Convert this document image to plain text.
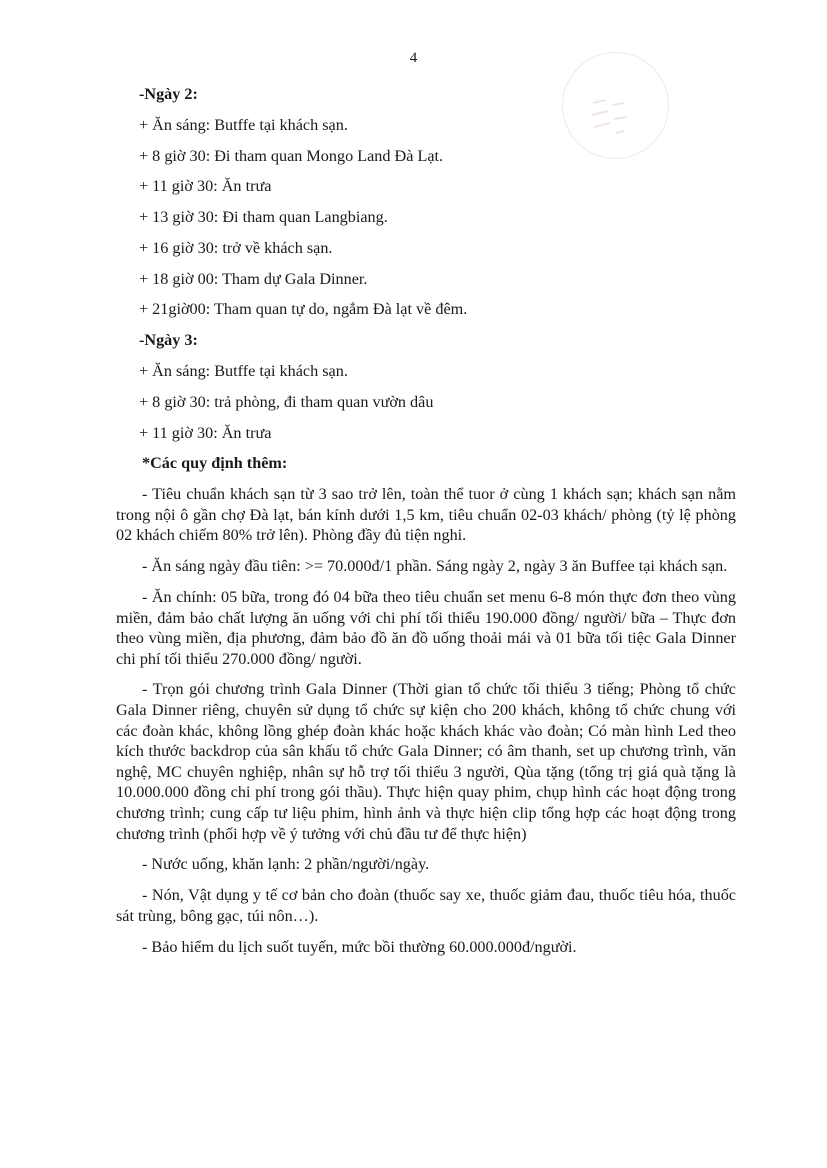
4
-Ngày 2:
+ Ăn sáng: Butffe tại khách sạn.
+ 8 giờ 30: Đi tham quan Mongo Land Đà Lạt.
+ 11 giờ 30: Ăn trưa
+ 13 giờ 30: Đi tham quan Langbiang.
+ 16 giờ 30: trở về khách sạn.
+ 18 giờ 00: Tham dự Gala Dinner.
+ 21giờ00: Tham quan tự do, ngắm Đà lạt về đêm.
-Ngày 3:
+ Ăn sáng: Butffe tại khách sạn.
+ 8 giờ 30: trả phòng, đi tham quan vườn dâu
+ 11 giờ 30: Ăn trưa
*Các quy định thêm:

- Tiêu chuẩn khách sạn từ 3 sao trở lên, toàn thể tuor ở cùng 1 khách sạn; khách sạn nằm trong nội ô gần chợ Đà lạt, bán kính dưới 1,5 km, tiêu chuẩn 02-03 khách/ phòng (tỷ lệ phòng 02 khách chiếm 80% trở lên). Phòng đầy đủ tiện nghi.

- Ăn sáng ngày đầu tiên: >= 70.000đ/1 phần. Sáng ngày 2, ngày 3 ăn Buffee tại khách sạn.

- Ăn chính: 05 bữa, trong đó 04 bữa theo tiêu chuẩn set menu 6-8 món thực đơn theo vùng miền, đảm bảo chất lượng ăn uống với chi phí tối thiểu 190.000 đồng/ người/ bữa – Thực đơn theo vùng miền, địa phương, đảm bảo đồ ăn đồ uống thoải mái và 01 bữa tối tiệc Gala Dinner chi phí tối thiểu 270.000 đồng/ người.

- Trọn gói chương trình Gala Dinner (Thời gian tổ chức tối thiểu 3 tiếng; Phòng tổ chức Gala Dinner riêng, chuyên sử dụng tổ chức sự kiện cho 200 khách, không tổ chức chung với các đoàn khác, không lồng ghép đoàn khác hoặc khách khác vào đoàn; Có màn hình Led theo kích thước backdrop của sân khấu tổ chức Gala Dinner; có âm thanh, set up chương trình, văn nghệ, MC chuyên nghiệp, nhân sự hỗ trợ tối thiểu 3 người, Qùa tặng (tổng trị giá quà tặng là 10.000.000 đồng chi phí trong gói thầu). Thực hiện quay phim, chụp hình các hoạt động trong chương trình; cung cấp tư liệu phim, hình ảnh và thực hiện clip tổng hợp các hoạt động trong chương trình (phối hợp về ý tưởng với chủ đầu tư để thực hiện)

- Nước uống, khăn lạnh: 2 phần/người/ngày.

- Nón, Vật dụng y tế cơ bản cho đoàn (thuốc say xe, thuốc giảm đau, thuốc tiêu hóa, thuốc sát trùng, bông gạc, túi nôn…).

- Bảo hiểm du lịch suốt tuyến, mức bồi thường 60.000.000đ/người.
